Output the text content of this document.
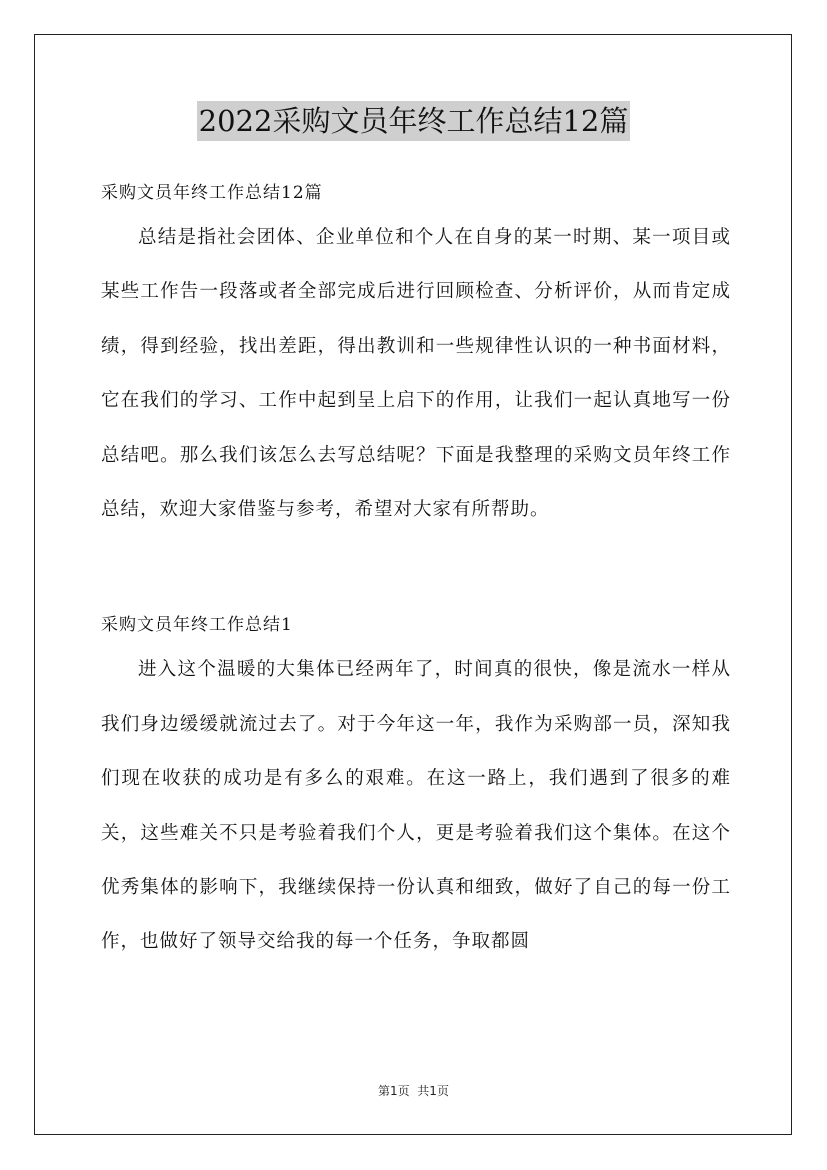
2022采购文员年终工作总结12篇
采购文员年终工作总结12篇

总结是指社会团体、企业单位和个人在自身的某一时期、某一项目或某些工作告一段落或者全部完成后进行回顾检查、分析评价，从而肯定成绩，得到经验，找出差距，得出教训和一些规律性认识的一种书面材料，它在我们的学习、工作中起到呈上启下的作用，让我们一起认真地写一份总结吧。那么我们该怎么去写总结呢？下面是我整理的采购文员年终工作总结，欢迎大家借鉴与参考，希望对大家有所帮助。

采购文员年终工作总结1

进入这个温暖的大集体已经两年了，时间真的很快，像是流水一样从我们身边缓缓就流过去了。对于今年这一年，我作为采购部一员，深知我们现在收获的成功是有多么的艰难。在这一路上，我们遇到了很多的难关，这些难关不只是考验着我们个人，更是考验着我们这个集体。在这个优秀集体的影响下，我继续保持一份认真和细致，做好了自己的每一份工作，也做好了领导交给我的每一个任务，争取都圆

第1页  共1页
